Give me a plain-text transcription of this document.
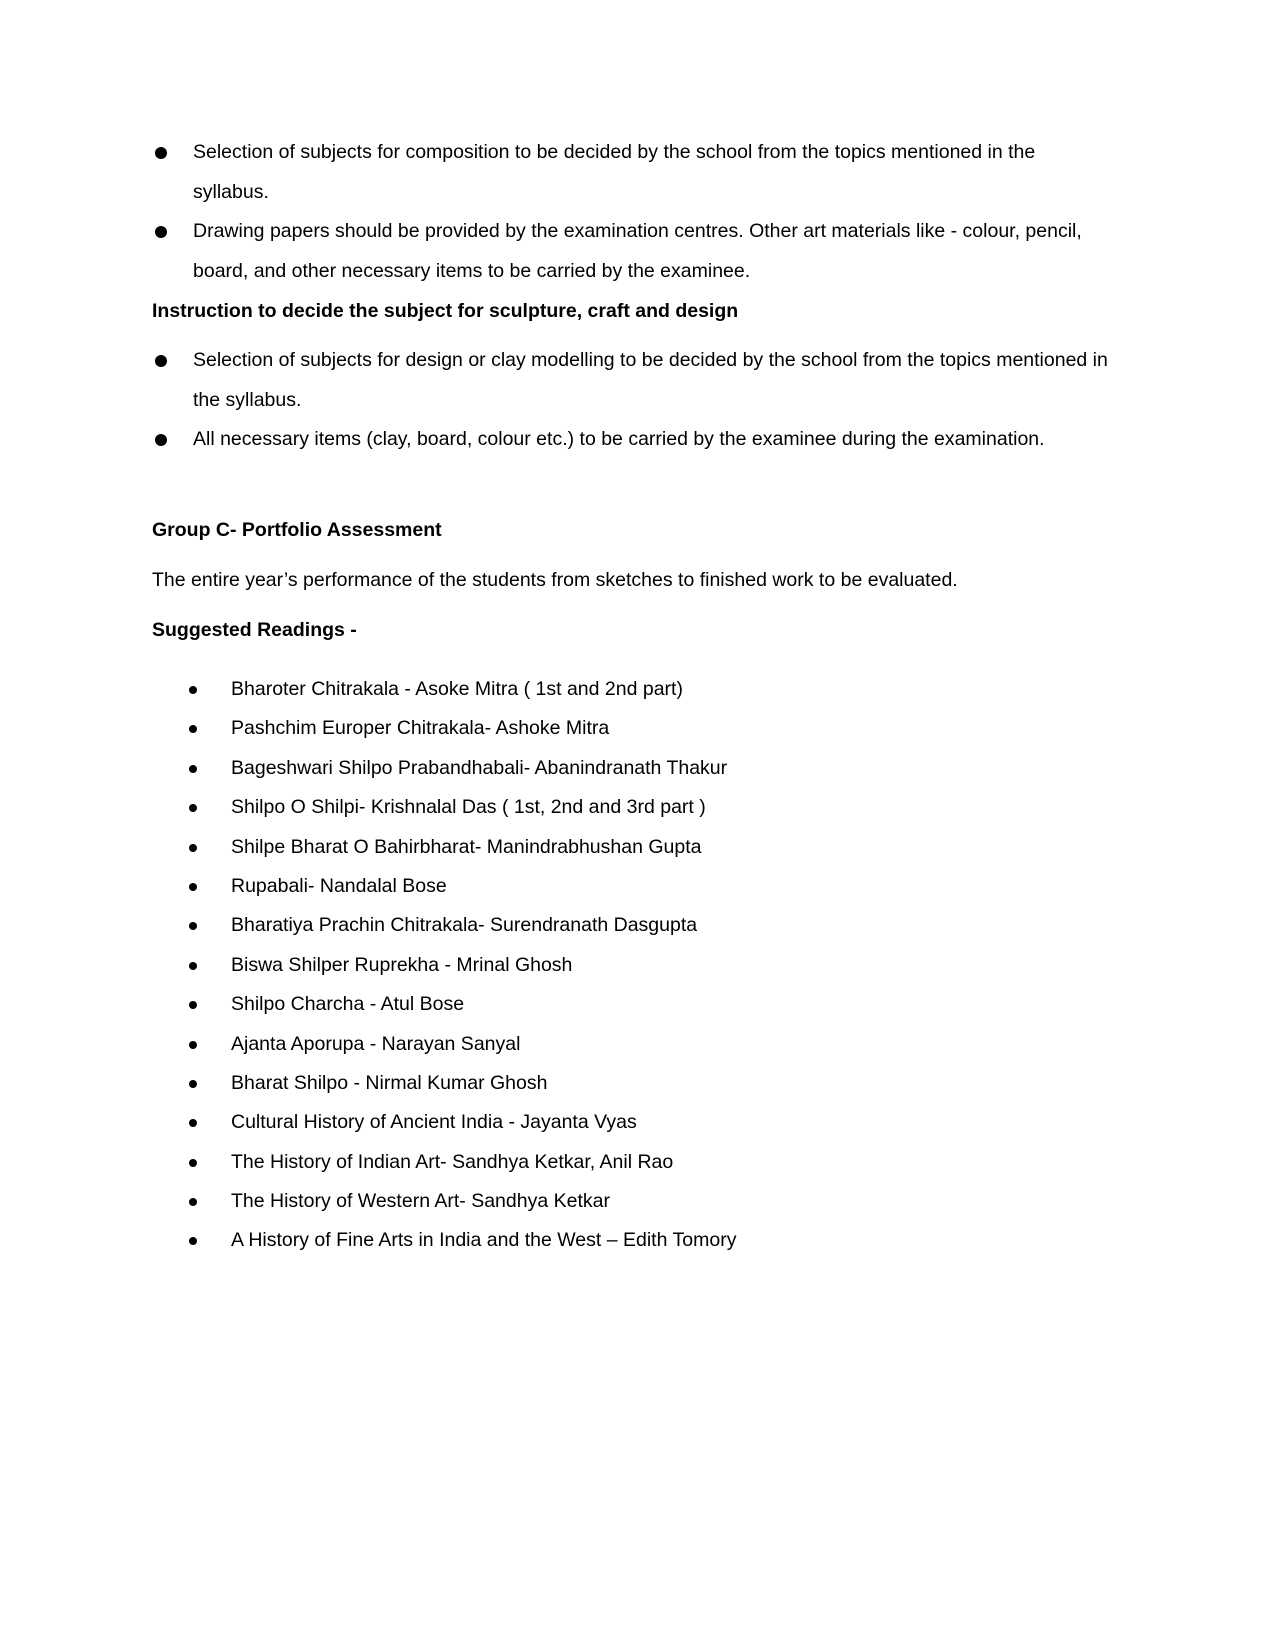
Selection of subjects for composition to be decided by the school from the topics mentioned in the syllabus.
Drawing papers should be provided by the examination centres. Other art materials like - colour, pencil, board, and other necessary items to be carried by the examinee.
Instruction to decide the subject for sculpture, craft and design
Selection of subjects for design or clay modelling to be decided by the school from the topics mentioned in the syllabus.
All necessary items (clay, board, colour etc.) to be carried by the examinee during the examination.
Group C- Portfolio Assessment
The entire year’s performance of the students from sketches to finished work to be evaluated.
Suggested Readings -
Bharoter Chitrakala - Asoke Mitra ( 1st and 2nd part)
Pashchim Europer Chitrakala- Ashoke Mitra
Bageshwari Shilpo Prabandhabali- Abanindranath Thakur
Shilpo O Shilpi- Krishnalal Das ( 1st, 2nd and 3rd part )
Shilpe Bharat O Bahirbharat- Manindrabhushan Gupta
Rupabali- Nandalal Bose
Bharatiya Prachin Chitrakala- Surendranath Dasgupta
Biswa Shilper Ruprekha - Mrinal Ghosh
Shilpo Charcha - Atul Bose
Ajanta Aporupa - Narayan Sanyal
Bharat Shilpo - Nirmal Kumar Ghosh
Cultural History of Ancient India - Jayanta Vyas
The History of Indian Art- Sandhya Ketkar, Anil Rao
The History of Western Art- Sandhya Ketkar
A History of Fine Arts in India and the West – Edith Tomory
